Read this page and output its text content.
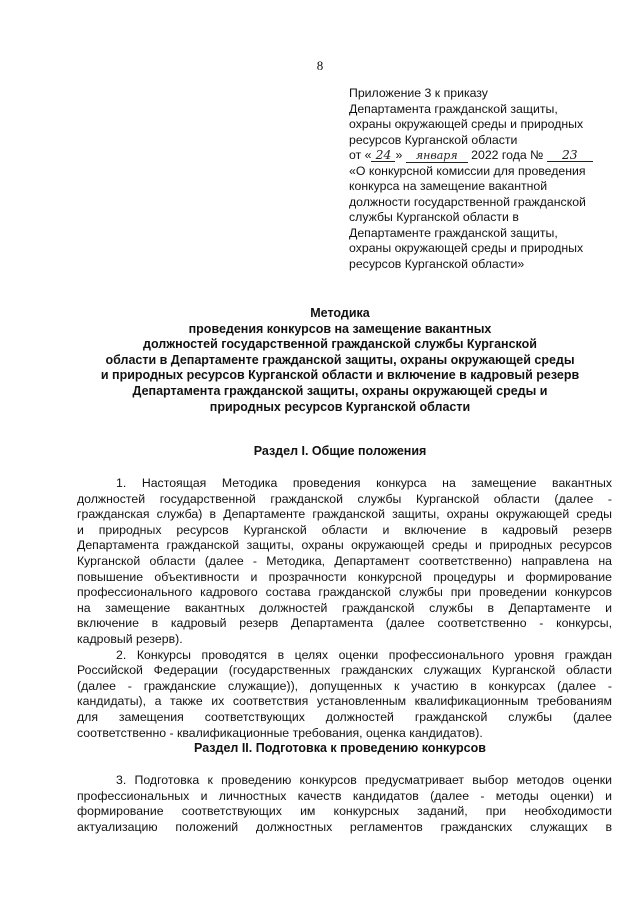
8
Приложение 3 к приказу
Департамента гражданской защиты,
охраны окружающей среды и природных
ресурсов Курганской области
от « 24 » января 2022 года № 23
«О конкурсной комиссии для проведения
конкурса на замещение вакантной
должности государственной гражданской
службы Курганской области в
Департаменте гражданской защиты,
охраны окружающей среды и природных
ресурсов Курганской области»
Методика
проведения конкурсов на замещение вакантных
должностей государственной гражданской службы Курганской
области в Департаменте гражданской защиты, охраны окружающей среды
и природных ресурсов Курганской области и включение в кадровый резерв
Департамента гражданской защиты, охраны окружающей среды и
природных ресурсов Курганской области
Раздел I. Общие положения
1. Настоящая Методика проведения конкурса на замещение вакантных
должностей государственной гражданской службы Курганской области (далее -
гражданская служба) в Департаменте гражданской защиты, охраны окружающей среды
и природных ресурсов Курганской области и включение в кадровый резерв
Департамента гражданской защиты, охраны окружающей среды и природных ресурсов
Курганской области (далее - Методика, Департамент соответственно) направлена на
повышение объективности и прозрачности конкурсной процедуры и формирование
профессионального кадрового состава гражданской службы при проведении конкурсов
на замещение вакантных должностей гражданской службы в Департаменте и
включение в кадровый резерв Департамента (далее соответственно - конкурсы,
кадровый резерв).
2. Конкурсы проводятся в целях оценки профессионального уровня граждан
Российской Федерации (государственных гражданских служащих Курганской области
(далее - гражданские служащие)), допущенных к участию в конкурсах (далее -
кандидаты), а также их соответствия установленным квалификационным требованиям
для замещения соответствующих должностей гражданской службы (далее
соответственно - квалификационные требования, оценка кандидатов).
Раздел II. Подготовка к проведению конкурсов
3. Подготовка к проведению конкурсов предусматривает выбор методов оценки
профессиональных и личностных качеств кандидатов (далее - методы оценки) и
формирование соответствующих им конкурсных заданий, при необходимости
актуализацию положений должностных регламентов гражданских служащих в
